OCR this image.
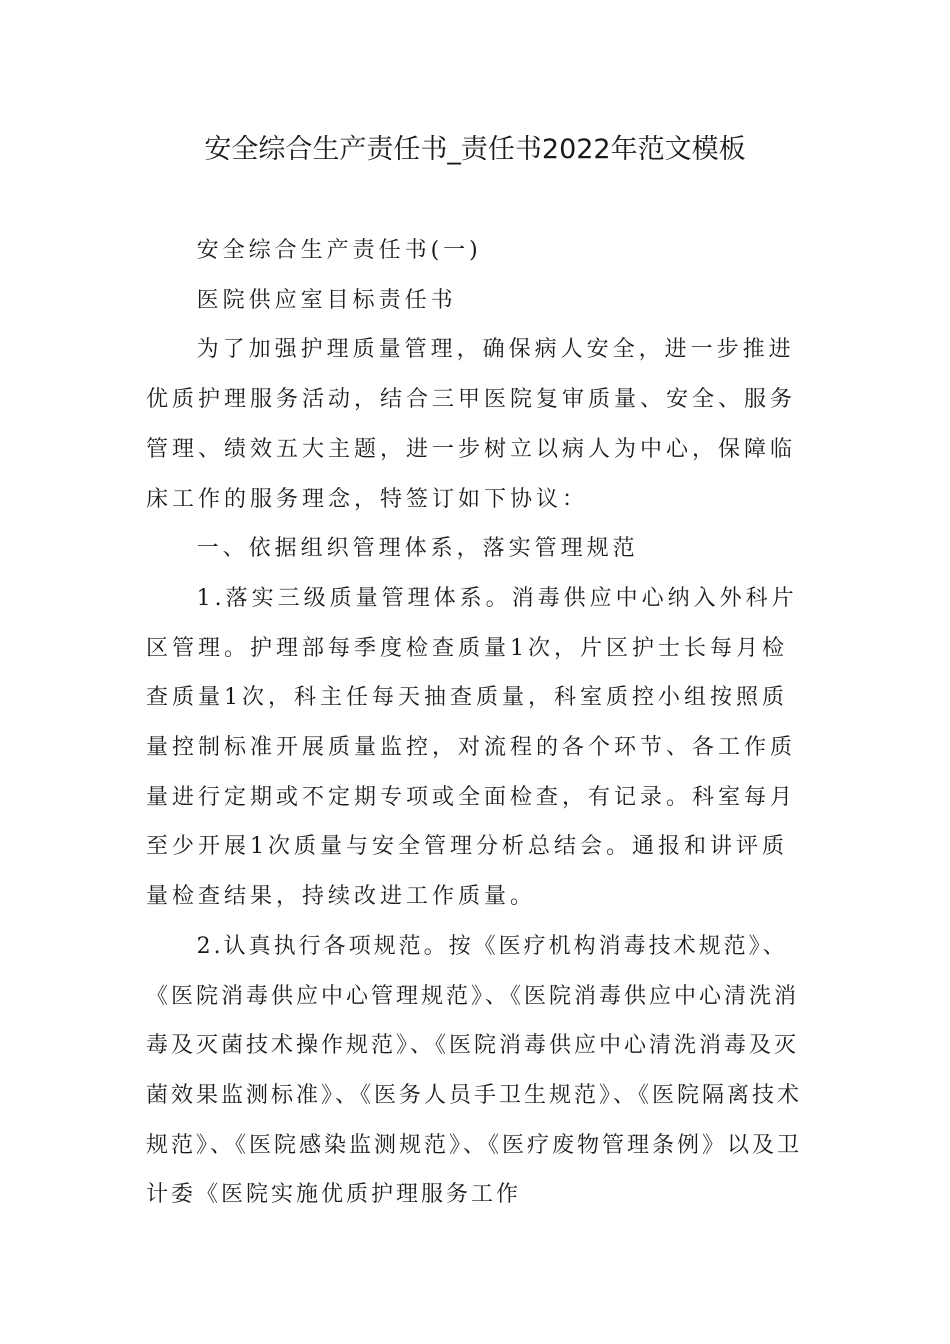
安全综合生产责任书_责任书2022年范文模板

安全综合生产责任书(一)

医院供应室目标责任书

为了加强护理质量管理，确保病人安全，进一步推进优质护理服务活动，结合三甲医院复审质量、安全、服务管理、绩效五大主题，进一步树立以病人为中心，保障临床工作的服务理念，特签订如下协议：

一、依据组织管理体系，落实管理规范

1.落实三级质量管理体系。消毒供应中心纳入外科片区管理。护理部每季度检查质量1次，片区护士长每月检查质量1次，科主任每天抽查质量，科室质控小组按照质量控制标准开展质量监控，对流程的各个环节、各工作质量进行定期或不定期专项或全面检查，有记录。科室每月至少开展1次质量与安全管理分析总结会。通报和讲评质量检查结果，持续改进工作质量。

2.认真执行各项规范。按《医疗机构消毒技术规范》、《医院消毒供应中心管理规范》、《医院消毒供应中心清洗消毒及灭菌技术操作规范》、《医院消毒供应中心清洗消毒及灭菌效果监测标准》、《医务人员手卫生规范》、《医院隔离技术规范》、《医院感染监测规范》、《医疗废物管理条例》以及卫计委《医院实施优质护理服务工作
